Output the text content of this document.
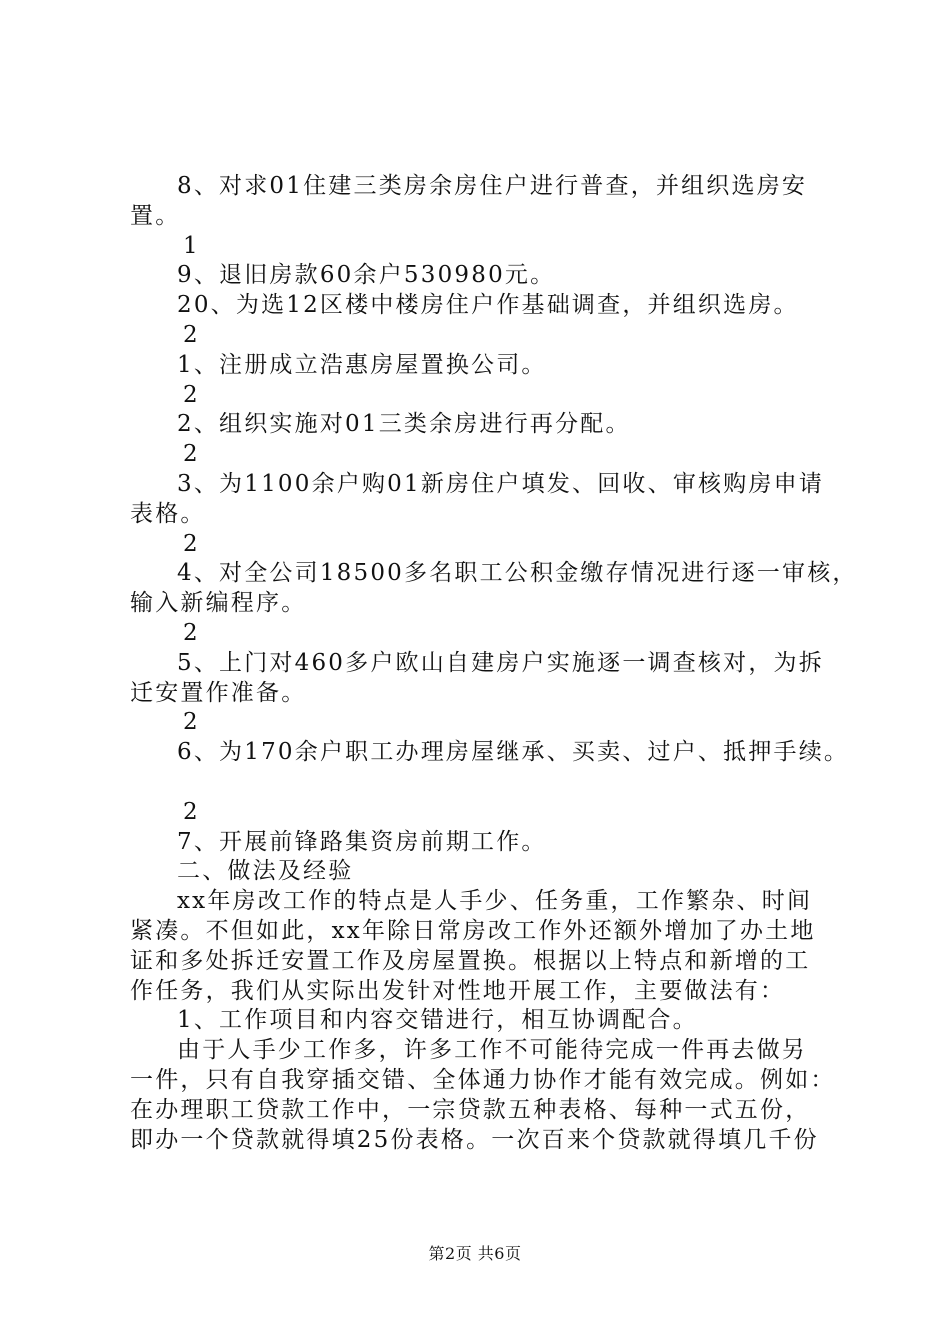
8、对求01住建三类房余房住户进行普查，并组织选房安
置。
1
9、退旧房款60余户530980元。
20、为选12区楼中楼房住户作基础调查，并组织选房。
2
1、注册成立浩惠房屋置换公司。
2
2、组织实施对01三类余房进行再分配。
2
3、为1100余户购01新房住户填发、回收、审核购房申请
表格。
2
4、对全公司18500多名职工公积金缴存情况进行逐一审核，
输入新编程序。
2
5、上门对460多户欧山自建房户实施逐一调查核对，为拆
迁安置作准备。
2
6、为170余户职工办理房屋继承、买卖、过户、抵押手续。
2
7、开展前锋路集资房前期工作。
二、做法及经验
xx年房改工作的特点是人手少、任务重，工作繁杂、时间
紧凑。不但如此，xx年除日常房改工作外还额外增加了办土地
证和多处拆迁安置工作及房屋置换。根据以上特点和新增的工
作任务，我们从实际出发针对性地开展工作，主要做法有：
1、工作项目和内容交错进行，相互协调配合。
由于人手少工作多，许多工作不可能待完成一件再去做另
一件，只有自我穿插交错、全体通力协作才能有效完成。例如：
在办理职工贷款工作中，一宗贷款五种表格、每种一式五份，
即办一个贷款就得填25份表格。一次百来个贷款就得填几千份
第2页 共6页
